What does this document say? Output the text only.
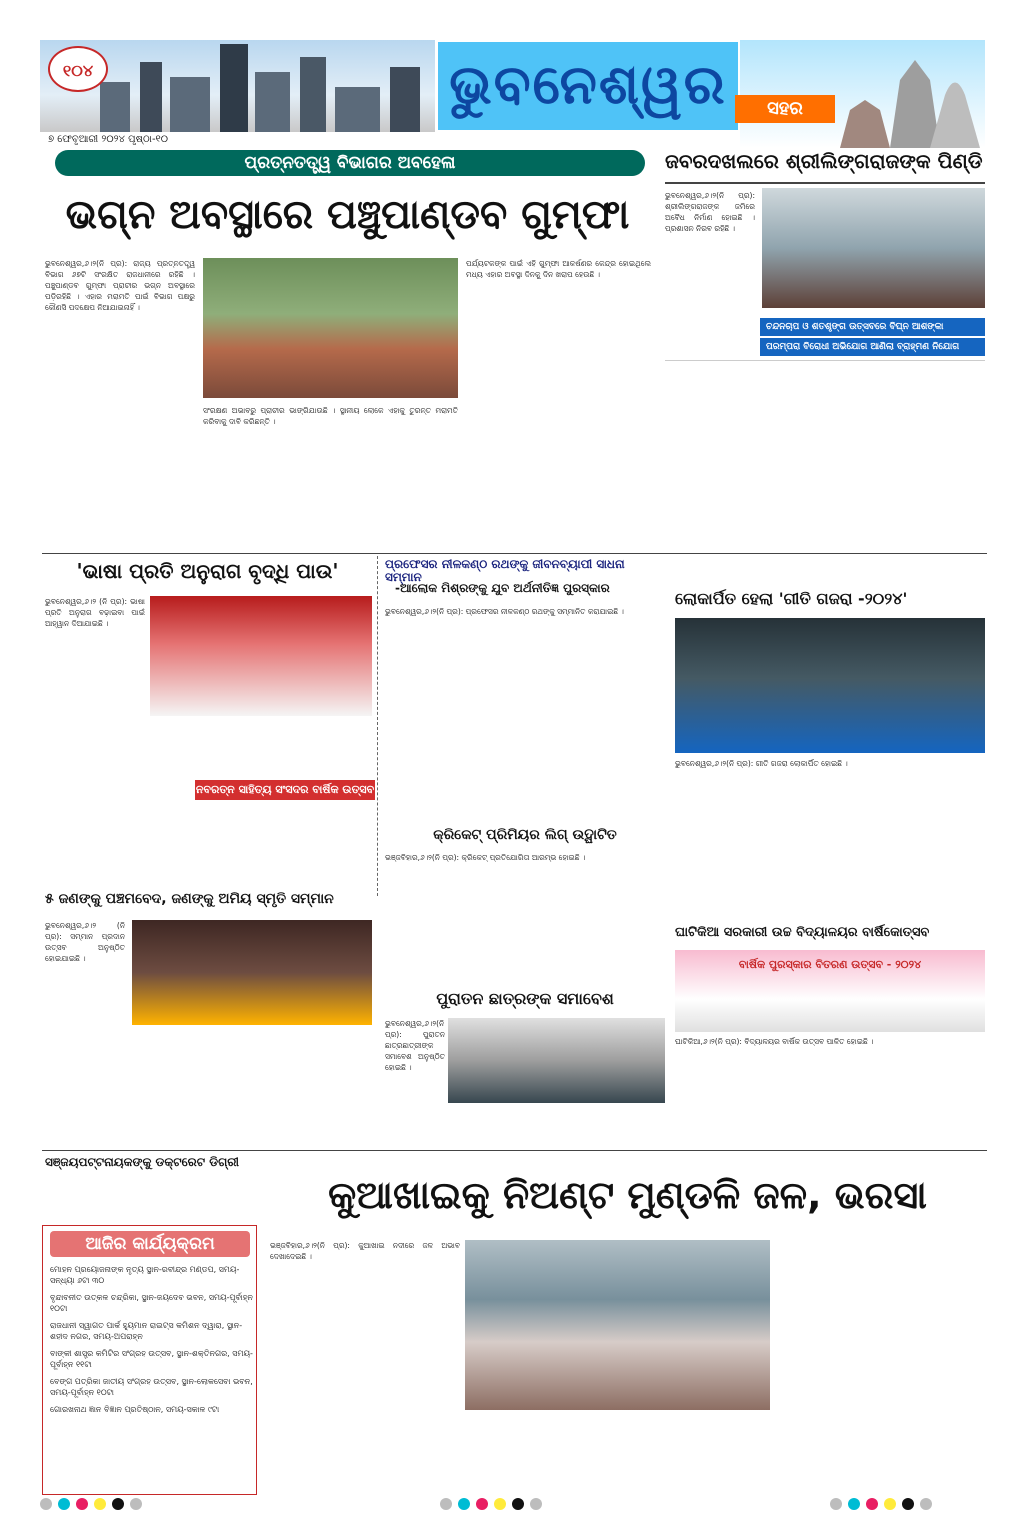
୧୦୪	ଭୁବନେଶ୍ୱର	ସହର
୭ ଫେବୃଆରୀ ୨୦୨୪ ପୃଷ୍ଠା-୧୦
ପ୍ରତ୍ନତତ୍ତ୍ୱ ବିଭାଗର ଅବହେଳା
ଭଗ୍ନ ଅବସ୍ଥାରେ ପଞ୍ଚୁପାଣ୍ଡବ ଗୁମ୍ଫା
ଭୁବନେଶ୍ୱର,୬।୨(ନି ପ୍ର): ରାଜ୍ୟ ପ୍ରତ୍ନତତ୍ତ୍ୱ ବିଭାଗ ୬୭ଟି ସଂରକ୍ଷିତ ରାଜଧାନୀରେ ରହିଛି । ପଞ୍ଚୁପାଣ୍ଡବ ଗୁମ୍ଫା ପ୍ରାଚୀର ଭଗ୍ନ ଅବସ୍ଥାରେ ପଡ଼ିରହିଛି । ଏହାର ମରାମତି ପାଇଁ ବିଭାଗ ପକ୍ଷରୁ କୌଣସି ପଦକ୍ଷେପ ନିଆଯାଇନାହିଁ ।
ସଂରକ୍ଷଣ ଅଭାବରୁ ପ୍ରାଚୀର ଭାଙ୍ଗିଯାଉଛି । ସ୍ଥାନୀୟ ଲୋକେ ଏହାକୁ ତୁରନ୍ତ ମରାମତି କରିବାକୁ ଦାବି କରିଛନ୍ତି ।
ପର୍ଯ୍ୟଟକଙ୍କ ପାଇଁ ଏହି ଗୁମ୍ଫା ଆକର୍ଷଣର କେନ୍ଦ୍ର ହୋଇଥିଲେ ମଧ୍ୟ ଏହାର ଅବସ୍ଥା ଦିନକୁ ଦିନ ଖରାପ ହେଉଛି ।
ଜବରଦଖଲରେ ଶ୍ରୀଲିଙ୍ଗରାଜଙ୍କ ପିଣ୍ଡି
ଭୁବନେଶ୍ୱର,୬।୨(ନି ପ୍ର): ଶ୍ରୀଲିଙ୍ଗରାଜଙ୍କ ଜମିରେ ଅବୈଧ ନିର୍ମାଣ ହୋଇଛି । ପ୍ରଶାସନ ନିରବ ରହିଛି ।
ଚନ୍ଦନଚାପ ଓ ଶତଶୃଙ୍ଗ ଉତ୍ସବରେ ବିଘ୍ନ ଆଶଙ୍କା
ପରମ୍ପରା ବିରୋଧୀ ଅଭିଯୋଗ ଆଣିଲା ବ୍ରାହ୍ମଣ ନିଯୋଗ
'ଭାଷା ପ୍ରତି ଅନୁରାଗ ବୃଦ୍ଧି ପାଉ'
ଭୁବନେଶ୍ୱର,୬।୨ (ନି ପ୍ର): ଭାଷା ପ୍ରତି ଅନୁରାଗ ବଢ଼ାଇବା ପାଇଁ ଆହ୍ୱାନ ଦିଆଯାଇଛି ।
ନବରତ୍ନ ସାହିତ୍ୟ ସଂସଦର ବାର୍ଷିକ ଉତ୍ସବ
ପ୍ରଫେସର ନୀଳକଣ୍ଠ ରଥଙ୍କୁ ଜୀବନବ୍ୟାପୀ ସାଧନା ସମ୍ମାନ
-ଆଲୋକ ମିଶ୍ରଙ୍କୁ ଯୁବ ଅର୍ଥନୀତିଜ୍ଞ ପୁରସ୍କାର
ଭୁବନେଶ୍ୱର,୬।୨(ନି ପ୍ର): ପ୍ରଫେସର ନୀଳକଣ୍ଠ ରଥଙ୍କୁ ସମ୍ମାନିତ କରାଯାଇଛି ।
ଲୋକାର୍ପିତ ହେଲା 'ଗୀତି ଗଜରା -୨୦୨୪'
ଭୁବନେଶ୍ୱର,୬।୨(ନି ପ୍ର): ଗୀତି ଗଜରା ଲୋକାର୍ପିତ ହୋଇଛି ।
କ୍ରିକେଟ୍ ପ୍ରିମିୟର ଲିଗ୍ ଉଦ୍ଘାଟିତ
ଭଞ୍ଜବିହାର,୬।୨(ନି ପ୍ର): କ୍ରିକେଟ୍ ପ୍ରତିଯୋଗିତା ଆରମ୍ଭ ହୋଇଛି ।
୫ ଜଣଙ୍କୁ ପଞ୍ଚମବେଦ, ଜଣଙ୍କୁ ଅମିୟ ସ୍ମୃତି ସମ୍ମାନ
ଭୁବନେଶ୍ୱର,୬।୨ (ନି ପ୍ର): ସମ୍ମାନ ପ୍ରଦାନ ଉତ୍ସବ ଅନୁଷ୍ଠିତ ହୋଇଯାଇଛି ।
ପୁରାତନ ଛାତ୍ରଙ୍କ ସମାବେଶ
ଭୁବନେଶ୍ୱର,୬।୨(ନି ପ୍ର): ପୁରାତନ ଛାତ୍ରଛାତ୍ରୀଙ୍କ ସମାବେଶ ଅନୁଷ୍ଠିତ ହୋଇଛି ।
ଘାଟିକିଆ ସରକାରୀ ଉଚ୍ଚ ବିଦ୍ୟାଳୟର ବାର୍ଷିକୋତ୍ସବ
ବାର୍ଷିକ ପୁରସ୍କାର ବିତରଣ ଉତ୍ସବ - ୨୦୨୪
ଘାଟିକିଆ,୬।୨(ନି ପ୍ର): ବିଦ୍ୟାଳୟର ବାର୍ଷିକ ଉତ୍ସବ ପାଳିତ ହୋଇଛି ।
ସଞ୍ଜୟପଟ୍ଟନାୟକଙ୍କୁ ଡକ୍ଟରେଟ ଡିଗ୍ରୀ
ଆଜିର କାର୍ଯ୍ୟକ୍ରମ
ମୋହନ ପ୍ରୟୋଜନାଙ୍କ ନୃତ୍ୟ ସ୍ଥାନ-ରବୀନ୍ଦ୍ର ମଣ୍ଡପ, ସମୟ-ସନ୍ଧ୍ୟା ୬ଟା ୩୦
ବୃନ୍ଦାବନୀତ ଉତ୍କଳ ଚନ୍ଦ୍ରିକା, ସ୍ଥାନ-ଜୟଦେବ ଭବନ, ସମୟ-ପୂର୍ବାହ୍ନ ୧୦ଟା
ରାଜଧାନୀ ସ୍ୱାଗତ ପାର୍କ ହ୍ୟୁମାନ ରାଇଟ୍ସ କମିଶନ ଦ୍ୱାରା, ସ୍ଥାନ-ଶହୀଦ ନଗର, ସମୟ-ଅପରାହ୍ନ
ବାଙ୍କୀ ଶାସ୍ତ୍ର କମିଟିର ସଂଗ୍ରହ ଉତ୍ସବ, ସ୍ଥାନ-ଶକ୍ତିନଗର, ସମୟ-ପୂର୍ବାହ୍ନ ୧୧ଟା
ବେଙ୍ଗ ପତ୍ରିକା ଜାତୀୟ ସଂଗ୍ରହ ଉତ୍ସବ, ସ୍ଥାନ-ଲୋକସେବା ଭବନ, ସମୟ-ପୂର୍ବାହ୍ନ ୧୦ଟା
ଗୋରଖନାଥ ଜ୍ଞାନ ବିଜ୍ଞାନ ପ୍ରତିଷ୍ଠାନ, ସମୟ-ସକାଳ ୯ଟା
କୁଆଖାଇକୁ ନିଅଣ୍ଟ ମୁଣ୍ଡଳି ଜଳ, ଭରସା
ଭଞ୍ଜବିହାର,୬।୨(ନି ପ୍ର): କୁଆଖାଇ ନଦୀରେ ଜଳ ଅଭାବ ଦେଖାଦେଇଛି ।
